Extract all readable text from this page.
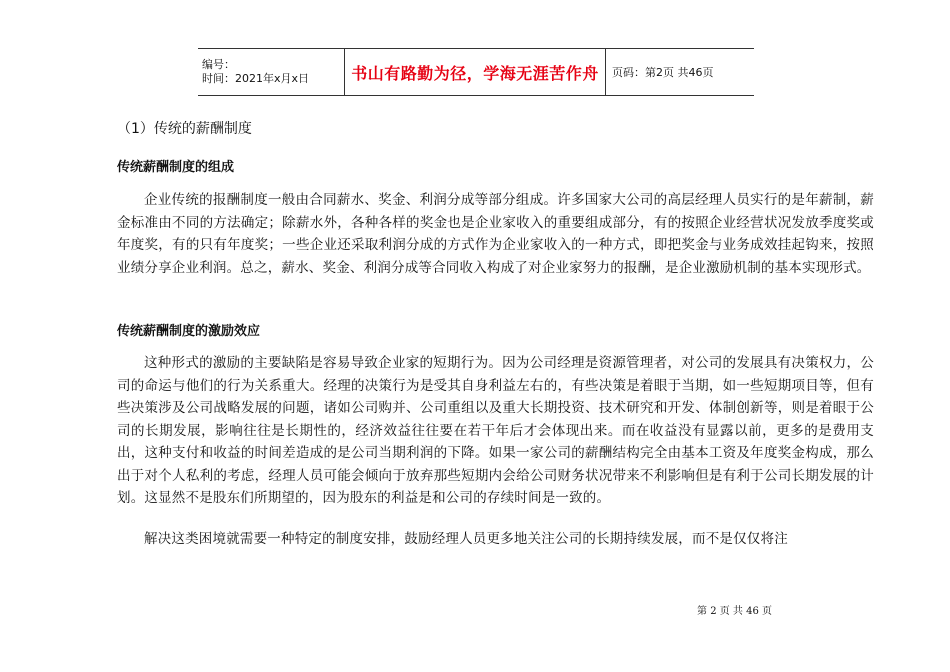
编号：
时间：2021年x月x日	书山有路勤为径，学海无涯苦作舟	页码：第2页 共46页
（1）传统的薪酬制度
传统薪酬制度的组成
企业传统的报酬制度一般由合同薪水、奖金、利润分成等部分组成。许多国家大公司的高层经理人员实行的是年薪制，薪金标准由不同的方法确定；除薪水外，各种各样的奖金也是企业家收入的重要组成部分，有的按照企业经营状况发放季度奖或年度奖，有的只有年度奖；一些企业还采取利润分成的方式作为企业家收入的一种方式，即把奖金与业务成效挂起钩来，按照业绩分享企业利润。总之，薪水、奖金、利润分成等合同收入构成了对企业家努力的报酬，是企业激励机制的基本实现形式。
传统薪酬制度的激励效应
这种形式的激励的主要缺陷是容易导致企业家的短期行为。因为公司经理是资源管理者，对公司的发展具有决策权力，公司的命运与他们的行为关系重大。经理的决策行为是受其自身利益左右的，有些决策是着眼于当期，如一些短期项目等，但有些决策涉及公司战略发展的问题，诸如公司购并、公司重组以及重大长期投资、技术研究和开发、体制创新等，则是着眼于公司的长期发展，影响往往是长期性的，经济效益往往要在若干年后才会体现出来。而在收益没有显露以前，更多的是费用支出，这种支付和收益的时间差造成的是公司当期利润的下降。如果一家公司的薪酬结构完全由基本工资及年度奖金构成，那么出于对个人私利的考虑，经理人员可能会倾向于放弃那些短期内会给公司财务状况带来不利影响但是有利于公司长期发展的计划。这显然不是股东们所期望的，因为股东的利益是和公司的存续时间是一致的。
解决这类困境就需要一种特定的制度安排，鼓励经理人员更多地关注公司的长期持续发展，而不是仅仅将注
第 2 页 共 46 页
